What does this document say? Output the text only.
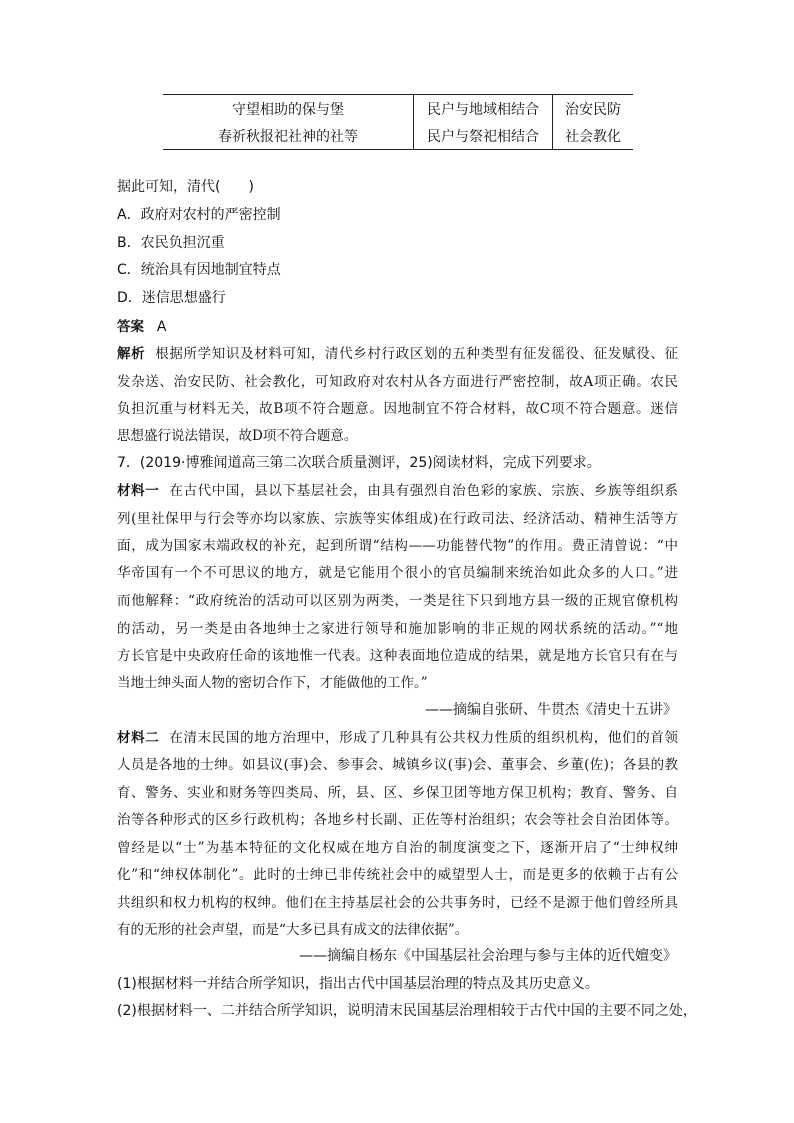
守望相助的保与堡	民户与地域相结合	治安民防
春祈秋报祀社神的社等	民户与祭祀相结合	社会教化
据此可知，清代(　　)
A．政府对农村的严密控制
B．农民负担沉重
C．统治具有因地制宜特点
D．迷信思想盛行
答案 A
解析 根据所学知识及材料可知，清代乡村行政区划的五种类型有征发徭役、征发赋役、征
发杂送、治安民防、社会教化，可知政府对农村从各方面进行严密控制，故A项正确。农民
负担沉重与材料无关，故B项不符合题意。因地制宜不符合材料，故C项不符合题意。迷信
思想盛行说法错误，故D项不符合题意。
7．(2019·博雅闻道高三第二次联合质量测评，25)阅读材料，完成下列要求。
材料一 在古代中国，县以下基层社会，由具有强烈自治色彩的家族、宗族、乡族等组织系
列(里社保甲与行会等亦均以家族、宗族等实体组成)在行政司法、经济活动、精神生活等方
面，成为国家末端政权的补充，起到所谓“结构——功能替代物”的作用。费正清曾说：“中
华帝国有一个不可思议的地方，就是它能用个很小的官员编制来统治如此众多的人口。”进
而他解释：“政府统治的活动可以区别为两类，一类是往下只到地方县一级的正规官僚机构
的活动，另一类是由各地绅士之家进行领导和施加影响的非正规的网状系统的活动。”“地
方长官是中央政府任命的该地惟一代表。这种表面地位造成的结果，就是地方长官只有在与
当地士绅头面人物的密切合作下，才能做他的工作。”
——摘编自张研、牛贯杰《清史十五讲》
材料二 在清末民国的地方治理中，形成了几种具有公共权力性质的组织机构，他们的首领
人员是各地的士绅。如县议(事)会、参事会、城镇乡议(事)会、董事会、乡董(佐)；各县的教
育、警务、实业和财务等四类局、所，县、区、乡保卫团等地方保卫机构；教育、警务、自
治等各种形式的区乡行政机构；各地乡村长副、正佐等村治组织；农会等社会自治团体等。
曾经是以“士”为基本特征的文化权威在地方自治的制度演变之下，逐渐开启了“士绅权绅
化”和“绅权体制化”。此时的士绅已非传统社会中的威望型人士，而是更多的依赖于占有公
共组织和权力机构的权绅。他们在主持基层社会的公共事务时，已经不是源于他们曾经所具
有的无形的社会声望，而是“大多已具有成文的法律依据”。
——摘编自杨东《中国基层社会治理与参与主体的近代嬗变》
(1)根据材料一并结合所学知识，指出古代中国基层治理的特点及其历史意义。
(2)根据材料一、二并结合所学知识，说明清末民国基层治理相较于古代中国的主要不同之处，
